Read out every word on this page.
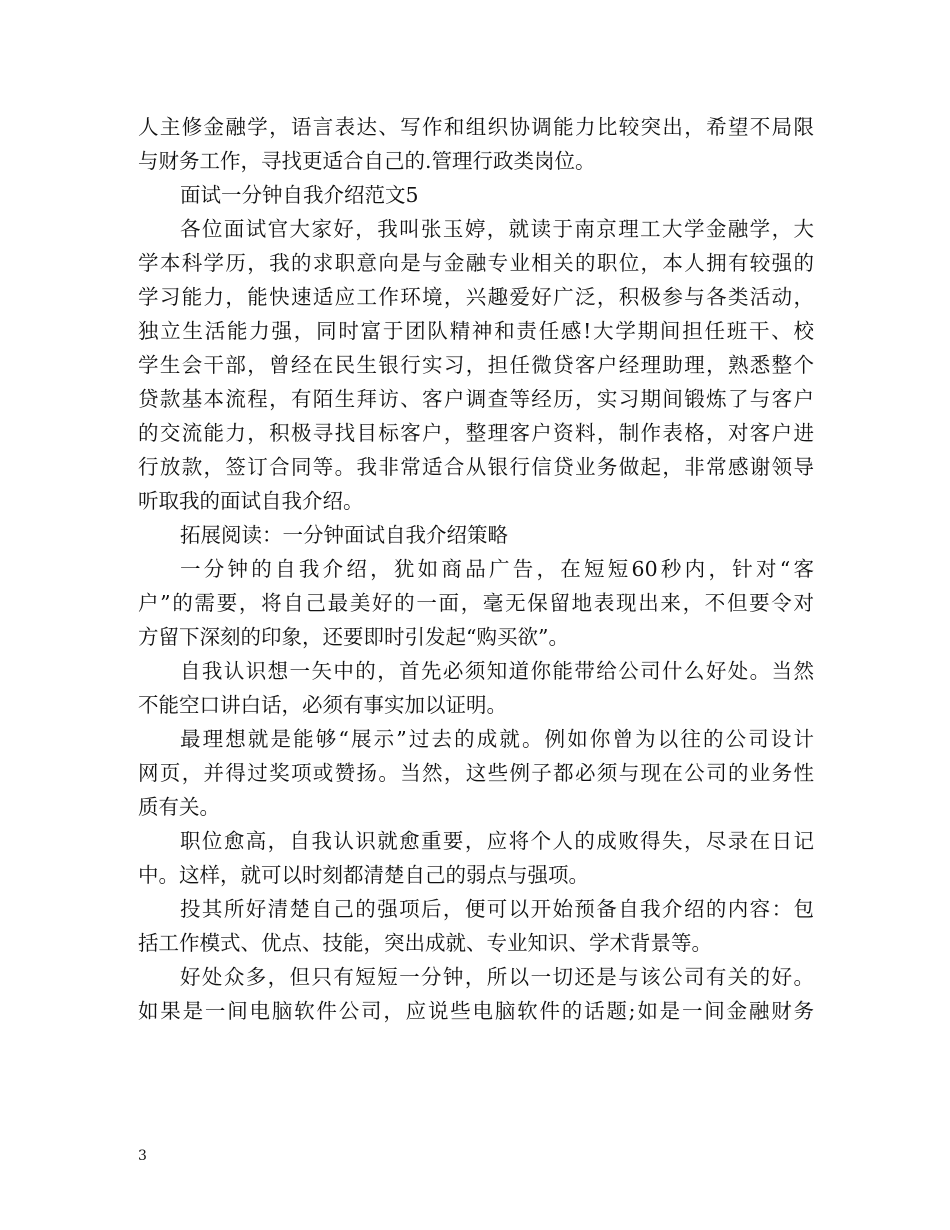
人主修金融学，语言表达、写作和组织协调能力比较突出，希望不局限
与财务工作，寻找更适合自己的.管理行政类岗位。
面试一分钟自我介绍范文5
各位面试官大家好，我叫张玉婷，就读于南京理工大学金融学，大
学本科学历，我的求职意向是与金融专业相关的职位，本人拥有较强的
学习能力，能快速适应工作环境，兴趣爱好广泛，积极参与各类活动，
独立生活能力强，同时富于团队精神和责任感!大学期间担任班干、校
学生会干部，曾经在民生银行实习，担任微贷客户经理助理，熟悉整个
贷款基本流程，有陌生拜访、客户调查等经历，实习期间锻炼了与客户
的交流能力，积极寻找目标客户，整理客户资料，制作表格，对客户进
行放款，签订合同等。我非常适合从银行信贷业务做起，非常感谢领导
听取我的面试自我介绍。
拓展阅读：一分钟面试自我介绍策略
一分钟的自我介绍，犹如商品广告，在短短60秒内，针对“客
户”的需要，将自己最美好的一面，毫无保留地表现出来，不但要令对
方留下深刻的印象，还要即时引发起“购买欲”。
自我认识想一矢中的，首先必须知道你能带给公司什么好处。当然
不能空口讲白话，必须有事实加以证明。
最理想就是能够“展示”过去的成就。例如你曾为以往的公司设计
网页，并得过奖项或赞扬。当然，这些例子都必须与现在公司的业务性
质有关。
职位愈高，自我认识就愈重要，应将个人的成败得失，尽录在日记
中。这样，就可以时刻都清楚自己的弱点与强项。
投其所好清楚自己的强项后，便可以开始预备自我介绍的内容：包
括工作模式、优点、技能，突出成就、专业知识、学术背景等。
好处众多，但只有短短一分钟，所以一切还是与该公司有关的好。
如果是一间电脑软件公司，应说些电脑软件的话题;如是一间金融财务
3
